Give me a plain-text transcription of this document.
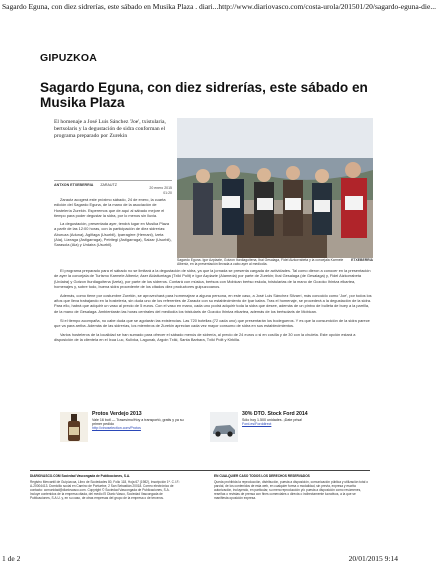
Sagardo Eguna, con diez sidrerías, este sábado en Musika Plaza . diari... http://www.diariovasco.com/costa-urola/201501/20/sagardo-eguna-die...
GIPUZKOA
Sagardo Eguna, con diez sidrerías, este sábado en Musika Plaza
El homenaje a José Luis Sánchez 'Joe', txistularia, bertsolaris y la degustación de sidra conforman el programa preparado por Zurekin
ANTXON ETXEBERRIA ZARAUTZ
20 enero 2015
01:20
ETXEBERRIA
Sagardo Eguna. Igor Azpiazte, Gotzon Iturdiagoitena, Ibai Gesalaga, Fidel Aizkorrabeta y la concejala Karmele Albeniz, en la presentación llevada a cabo ayer al mediodía.

Zarautz acogerá este próximo sábado, 24 de enero, la cuarta edición del Sagardo Eguna, de la mano de la asociación de Hostelería Zurekin. Esperemos que de aquí al sábado mejore el tiempo para poder degustar la sidra, por lo menos sin lluvia.

La degustación, presentada ayer, tendrá lugar en Musika Plaza a partir de las 12:00 horas, con la participación de diez sidrerías: Aburuza (Aduna), Agiñaga (Usurbil), Iparragirre (Hernani), Izeta (Aia), Lizeaga (Astigarraga), Petritegi (Astigarraga), Saizar (Usurbil), Sarasola (Aia) y Urdaira (Usurbil).

El programa preparado para el sábado no se limitará a la degustación de sidra, ya que la jornada se presenta cargada de actividades. Tal como dieron a conocer en la presentación de ayer la concejala de Turismo Karmele Albeniz; Aser Aldaiturriaga (Txiki Polit) e Igor Azpiazte (Alameda) por parte de Zurekin; Ibai Gesalaga (de Gesalaga) y, Fidel Aizkorrabeta (Urdaira) y Gotzon Iturdiagoitena (Izeta), por parte de los sidreros. Contará con música, bertsos con Mobican bertso eskola, txistularias de la mano de Gozoko Ihintza elkartea, homenajes y, sobre todo, buena sidra procedente de los citados diez productores guipuzcoanos.

Además, como tiene por costumbre Zurekin, se aprovechará para homenajear a alguna persona, en este caso, a José Luis Sánchez Silvarrí, más conocido como 'Joe', por todos los años que lleva trabajando en la hostelería, sin duda uno de los referentes de Zarautz con su establecimiento de Ipar kalea. Tras el homenaje, se procederá a la degustación de la sidra. Para ello, habrá que adquirir un vaso al precio de 5 euros. Con el vaso en mano, cada uno podrá adquirir toda la sidra que desee, además de un pintxo de bulleta de buey a la parrilla, de la mano de Gesalaga. Ambientarán las horas centrales del mediodía los txistularis de Gozoko Ihintza elkartea, además de los bertsolaris de Mobican.

Si el tiempo acompaña, no cabe duda que se agotarán las existencias. Las 720 botellas (72 cada uno) que presentarán los bodegueros. Y es que la consumición de la sidra parece que va para arriba. Además de las sidrerías, los miembros de Zurekin aprecian cada vez mayor consumo de sidra en sus establecimientos.

Varios hosteleros de la localidad se han sumado para ofrecer el sábado menús de sidrería, al precio de 24 euros o si en cosílla y de 30 con la chuleta. Este opción estará a disposición de la clientela en el Ixua Luc, Kulixka, Lagunak, Argoin Txiki, Santa Barbara, Txiki Polit y Kirkilla.

Protos Verdejo 2013
Vale 16 botl — Trasesimo/Hoy a transportó, gratis y ya su primer pedido
http://vinoselection.com/Protos
30% DTO. Stock Ford 2014
Sólo hoy 1.500 unidades. ¡Date prisa!
Ford.es/Forddirect
DIARIOVASCO.COM Sociedad Vascongada de Publicaciones, S.A.
Registro Mercantil de Guipúzcoa, Libro de Sociedades 80, Folio 118, Hoja 67 (1982), Inscripción 1ª. C.I.F.: A-20004413. Domicilio social en Camino de Portuetxe, 2 San Sebastián 20018. Correo electrónico de contacto: comunidad@diariovasco.com. Copyright © Sociedad Vascongada de Publicaciones, S.A. Incluye contenidos de la empresa citada, del medio El Diario Vasco, Sociedad Vascongada de Publicaciones, S.A.U. y, en su caso, de otras empresas del grupo de la empresa o de terceros.
EN CUALQUIER CASO TODOS LOS DERECHOS RESERVADOS
Queda prohibida la reproducción, distribución, puesta a disposición, comunicación pública y utilización total o parcial, de los contenidos de esta web, en cualquier forma o modalidad, sin previa, expresa y escrita autorización, incluyendo, en particular, su mera reproducción y/o puesta a disposición como resúmenes, reseñas o revistas de prensa con fines comerciales o directa o indirectamente lucrativos, a la que se manifiesta oposición expresa.
1 de 2	20/01/2015 9:14
